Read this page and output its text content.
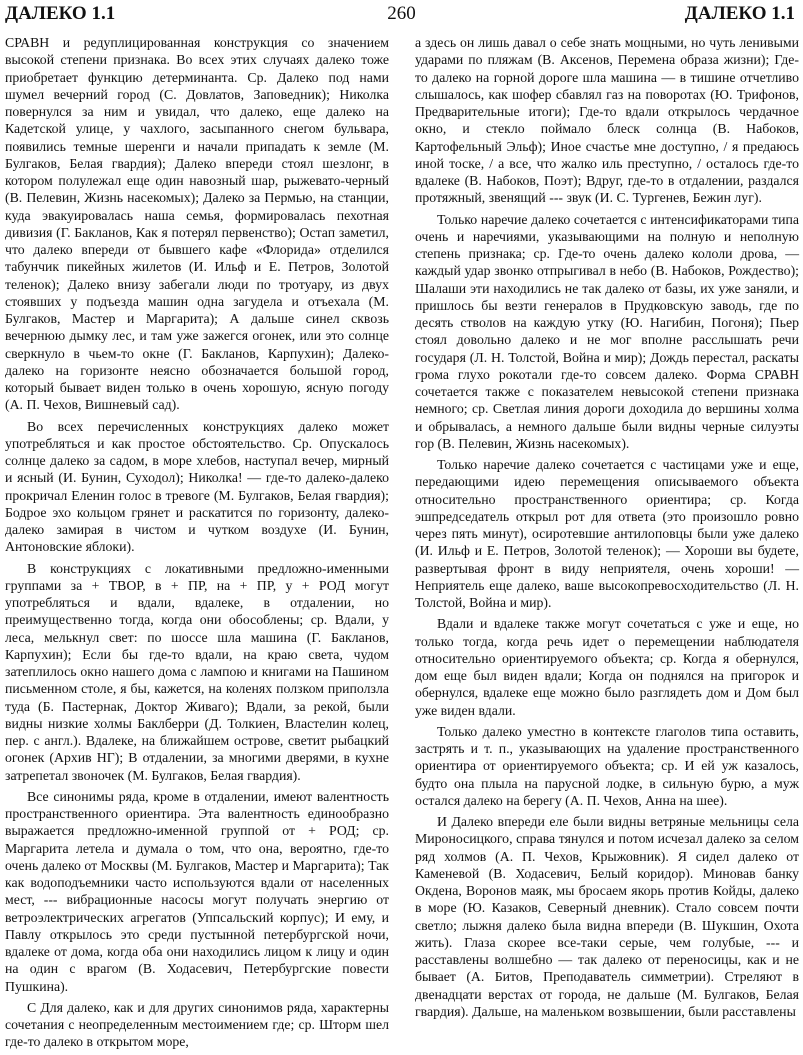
260
ДАЛЕКО 1.1	ДАЛЕКО 1.1

СРАВН и редуплицированная конструкция со значением высокой степени признака. Во всех этих случаях далеко тоже приобретает функцию детерминанта. Ср. Далеко под нами шумел вечерний город (С. Довлатов, Заповедник); Николка повернулся за ним и увидал, что далеко, еще далеко на Кадетской улице, у чахлого, засыпанного снегом бульвара, появились темные шеренги и начали припадать к земле (М. Булгаков, Белая гвардия); Далеко впереди стоял шезлонг, в котором полулежал еще один навозный шар, рыжевато-черный (В. Пелевин, Жизнь насекомых); Далеко за Пермью, на станции, куда эвакуировалась наша семья, формировалась пехотная дивизия (Г. Бакланов, Как я потерял первенство); Остап заметил, что далеко впереди от бывшего кафе «Флорида» отделился табунчик пикейных жилетов (И. Ильф и Е. Петров, Золотой теленок); Далеко внизу забегали люди по тротуару, из двух стоявших у подъезда машин одна загудела и отъехала (М. Булгаков, Мастер и Маргарита); А дальше синел сквозь вечернюю дымку лес, и там уже зажегся огонек, или это солнце сверкнуло в чьем-то окне (Г. Бакланов, Карпухин); Далеко-далеко на горизонте неясно обозначается большой город, который бывает виден только в очень хорошую, ясную погоду (А. П. Чехов, Вишневый сад).

Во всех перечисленных конструкциях далеко может употребляться и как простое обстоятельство. Ср. Опускалось солнце далеко за садом, в море хлебов, наступал вечер, мирный и ясный (И. Бунин, Суходол); Николка! — где-то далеко-далеко прокричал Еленин голос в тревоге (М. Булгаков, Белая гвардия); Бодрое эхо кольцом грянет и раскатится по горизонту, далеко-далеко замирая в чистом и чутком воздухе (И. Бунин, Антоновские яблоки).

В конструкциях с локативными предложно-именными группами за + ТВОР, в + ПР, на + ПР, у + РОД могут употребляться и вдали, вдалеке, в отдалении, но преимущественно тогда, когда они обособлены; ср. Вдали, у леса, мелькнул свет: по шоссе шла машина (Г. Бакланов, Карпухин); Если бы где-то вдали, на краю света, чудом затеплилось окно нашего дома с лампою и книгами на Пашином письменном столе, я бы, кажется, на коленях ползком приползла туда (Б. Пастернак, Доктор Живаго); Вдали, за рекой, были видны низкие холмы Баклберри (Д. Толкиен, Властелин колец, пер. с англ.). Вдалеке, на ближайшем острове, светит рыбацкий огонек (Архив НГ); В отдалении, за многими дверями, в кухне затрепетал звоночек (М. Булгаков, Белая гвардия).

Все синонимы ряда, кроме в отдалении, имеют валентность пространственного ориентира. Эта валентность единообразно выражается предложно-именной группой от + РОД; ср. Маргарита летела и думала о том, что она, вероятно, где-то очень далеко от Москвы (М. Булгаков, Мастер и Маргарита); Так как водоподъемники часто используются вдали от населенных мест, --- вибрационные насосы могут получать энергию от ветроэлектрических агрегатов (Уппсальский корпус); И ему, и Павлу открылось это среди пустынной петербургской ночи, вдалеке от дома, когда оба они находились лицом к лицу и один на один с врагом (В. Ходасевич, Петербургские повести Пушкина).

С Для далеко, как и для других синонимов ряда, характерны сочетания с неопределенным местоимением где; ср. Шторм шел где-то далеко в открытом море,

а здесь он лишь давал о себе знать мощными, но чуть ленивыми ударами по пляжам (В. Аксенов, Перемена образа жизни); Где-то далеко на горной дороге шла машина — в тишине отчетливо слышалось, как шофер сбавлял газ на поворотах (Ю. Трифонов, Предварительные итоги); Где-то вдали открылось чердачное окно, и стекло поймало блеск солнца (В. Набоков, Картофельный Эльф); Иное счастье мне доступно, / я предаюсь иной тоске, / а все, что жалко иль преступно, / осталось где-то вдалеке (В. Набоков, Поэт); Вдруг, где-то в отдалении, раздался протяжный, звенящий --- звук (И. С. Тургенев, Бежин луг).

Только наречие далеко сочетается с интенсификаторами типа очень и наречиями, указывающими на полную и неполную степень признака; ср. Где-то очень далеко кололи дрова, — каждый удар звонко отпрыгивал в небо (В. Набоков, Рождество); Шалаши эти находились не так далеко от базы, их уже заняли, и пришлось бы везти генералов в Прудковскую заводь, где по десять стволов на каждую утку (Ю. Нагибин, Погоня); Пьер стоял довольно далеко и не мог вполне расслышать речи государя (Л. Н. Толстой, Война и мир); Дождь перестал, раскаты грома глухо рокотали где-то совсем далеко. Форма СРАВН сочетается также с показателем невысокой степени признака немного; ср. Светлая линия дороги доходила до вершины холма и обрывалась, а немного дальше были видны черные силуэты гор (В. Пелевин, Жизнь насекомых).

Только наречие далеко сочетается с частицами уже и еще, передающими идею перемещения описываемого объекта относительно пространственного ориентира; ср. Когда эшпредседатель открыл рот для ответа (это произошло ровно через пять минут), осиротевшие антилоповцы были уже далеко (И. Ильф и Е. Петров, Золотой теленок); — Хороши вы будете, развертывая фронт в виду неприятеля, очень хороши! — Неприятель еще далеко, ваше высокопревосходительство (Л. Н. Толстой, Война и мир).

Вдали и вдалеке также могут сочетаться с уже и еще, но только тогда, когда речь идет о перемещении наблюдателя относительно ориентируемого объекта; ср. Когда я обернулся, дом еще был виден вдали; Когда он поднялся на пригорок и обернулся, вдалеке еще можно было разглядеть дом и Дом был уже виден вдали.

Только далеко уместно в контексте глаголов типа оставить, застрять и т. п., указывающих на удаление пространственного ориентира от ориентируемого объекта; ср. И ей уж казалось, будто она плыла на парусной лодке, в сильную бурю, а муж остался далеко на берегу (А. П. Чехов, Анна на шее).

И Далеко впереди еле были видны ветряные мельницы села Мироносицкого, справа тянулся и потом исчезал далеко за селом ряд холмов (А. П. Чехов, Крыжовник). Я сидел далеко от Каменевой (В. Ходасевич, Белый коридор). Миновав банку Окдена, Воронов маяк, мы бросаем якорь против Койды, далеко в море (Ю. Казаков, Северный дневник). Стало совсем почти светло; лыжня далеко была видна впереди (В. Шукшин, Охота жить). Глаза скорее все-таки серые, чем голубые, --- и расставлены волшебно — так далеко от переносицы, как и не бывает (А. Битов, Преподаватель симметрии). Стреляют в двенадцати верстах от города, не дальше (М. Булгаков, Белая гвардия). Дальше, на маленьком возвышении, были расставлены
